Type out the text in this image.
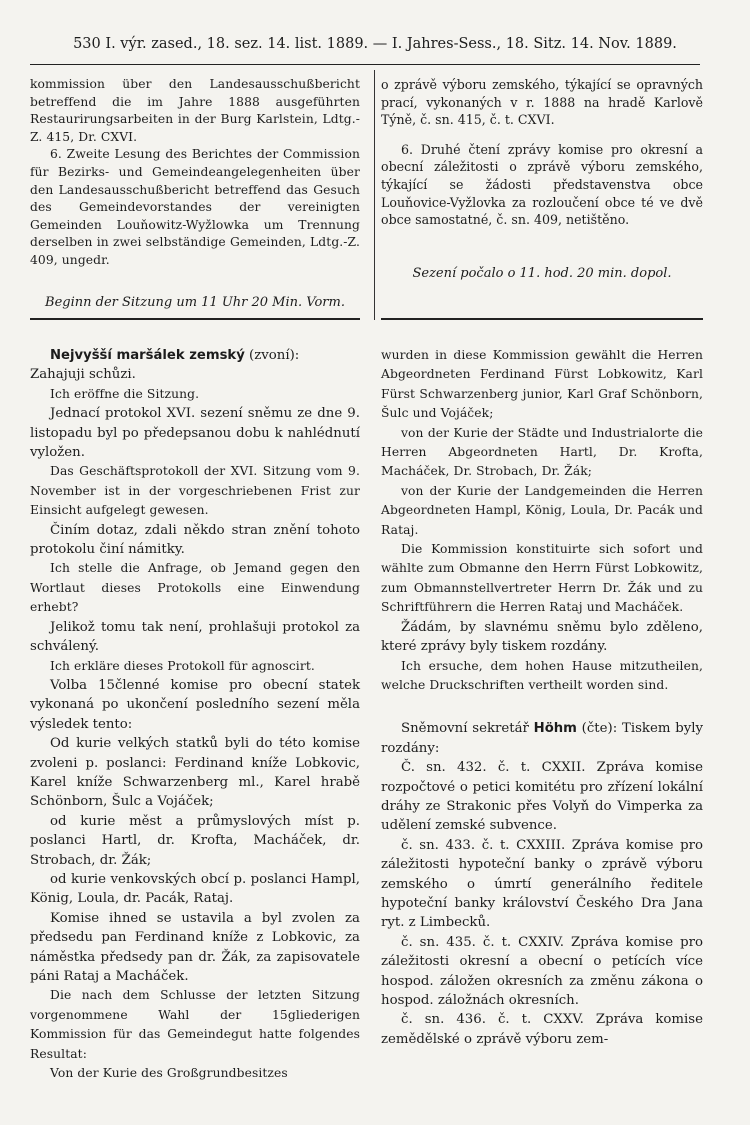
530 I. výr. zased., 18. sez. 14. list. 1889. — I. Jahres-Sess., 18. Sitz. 14. Nov. 1889.

kommission über den Landesausschußbericht betreffend die im Jahre 1888 ausgeführten Restaurirungsarbeiten in der Burg Karlstein, Ldtg.-Z. 415, Dr. CXVI.

6. Zweite Lesung des Berichtes der Commission für Bezirks- und Gemeindeangelegenheiten über den Landesausschußbericht betreffend das Gesuch des Gemeindevorstandes der vereinigten Gemeinden Louňowitz-Wyžlowka um Trennung derselben in zwei selbständige Gemeinden, Ldtg.-Z. 409, ungedr.

Beginn der Sitzung um 11 Uhr 20 Min. Vorm.

o zprávě výboru zemského, týkající se opravných prací, vykonaných v r. 1888 na hradě Karlově Týně, č. sn. 415, č. t. CXVI.

6. Druhé čtení zprávy komise pro okresní a obecní záležitosti o zprávě výboru zemského, týkající se žádosti představenstva obce Louňovice-Vyžlovka za rozloučení obce té ve dvě obce samostatné, č. sn. 409, netištěno.

Sezení počalo o 11. hod. 20 min. dopol.

Nejvyšší maršálek zemský (zvoní):

Zahajuji schůzi.

Ich eröffne die Sitzung.

Jednací protokol XVI. sezení sněmu ze dne 9. listopadu byl po předepsanou dobu k nahlédnutí vyložen.

Das Geschäftsprotokoll der XVI. Sitzung vom 9. November ist in der vorgeschriebenen Frist zur Einsicht aufgelegt gewesen.

Činím dotaz, zdali někdo stran znění tohoto protokolu činí námitky.

Ich stelle die Anfrage, ob Jemand gegen den Wortlaut dieses Protokolls eine Einwendung erhebt?

Jelikož tomu tak není, prohlašuji protokol za schválený.

Ich erkläre dieses Protokoll für agnoscirt.

Volba 15členné komise pro obecní statek vykonaná po ukončení posledního sezení měla výsledek tento:

Od kurie velkých statků byli do této komise zvoleni p. poslanci: Ferdinand kníže Lobkovic, Karel kníže Schwarzenberg ml., Karel hrabě Schönborn, Šulc a Vojáček;

od kurie měst a průmyslových míst p. poslanci Hartl, dr. Krofta, Macháček, dr. Strobach, dr. Žák;

od kurie venkovských obcí p. poslanci Hampl, König, Loula, dr. Pacák, Rataj.

Komise ihned se ustavila a byl zvolen za předsedu pan Ferdinand kníže z Lobkovic, za náměstka předsedy pan dr. Žák, za zapisovatele páni Rataj a Macháček.

Die nach dem Schlusse der letzten Sitzung vorgenommene Wahl der 15gliederigen Kommission für das Gemeindegut hatte folgendes Resultat:

Von der Kurie des Großgrundbesitzes

wurden in diese Kommission gewählt die Herren Abgeordneten Ferdinand Fürst Lobkowitz, Karl Fürst Schwarzenberg junior, Karl Graf Schönborn, Šulc und Vojáček;

von der Kurie der Städte und Industrialorte die Herren Abgeordneten Hartl, Dr. Krofta, Macháček, Dr. Strobach, Dr. Žák;

von der Kurie der Landgemeinden die Herren Abgeordneten Hampl, König, Loula, Dr. Pacák und Rataj.

Die Kommission konstituirte sich sofort und wählte zum Obmanne den Herrn Fürst Lobkowitz, zum Obmannstellvertreter Herrn Dr. Žák und zu Schriftführern die Herren Rataj und Macháček.

Žádám, by slavnému sněmu bylo zděleno, které zprávy byly tiskem rozdány.

Ich ersuche, dem hohen Hause mitzutheilen, welche Druckschriften vertheilt worden sind.

Sněmovní sekretář Höhm (čte): Tiskem byly rozdány:

Č. sn. 432. č. t. CXXII. Zpráva komise rozpočtové o petici komitétu pro zřízení lokální dráhy ze Strakonic přes Volyň do Vimperka za udělení zemské subvence.

č. sn. 433. č. t. CXXIII. Zpráva komise pro záležitosti hypoteční banky o zprávě výboru zemského o úmrtí generálního ředitele hypoteční banky království Českého Dra Jana ryt. z Limbecků.

č. sn. 435. č. t. CXXIV. Zpráva komise pro záležitosti okresní a obecní o petících více hospod. záložen okresních za změnu zákona o hospod. záložnách okresních.

č. sn. 436. č. t. CXXV. Zpráva komise zemědělské o zprávě výboru zem-
